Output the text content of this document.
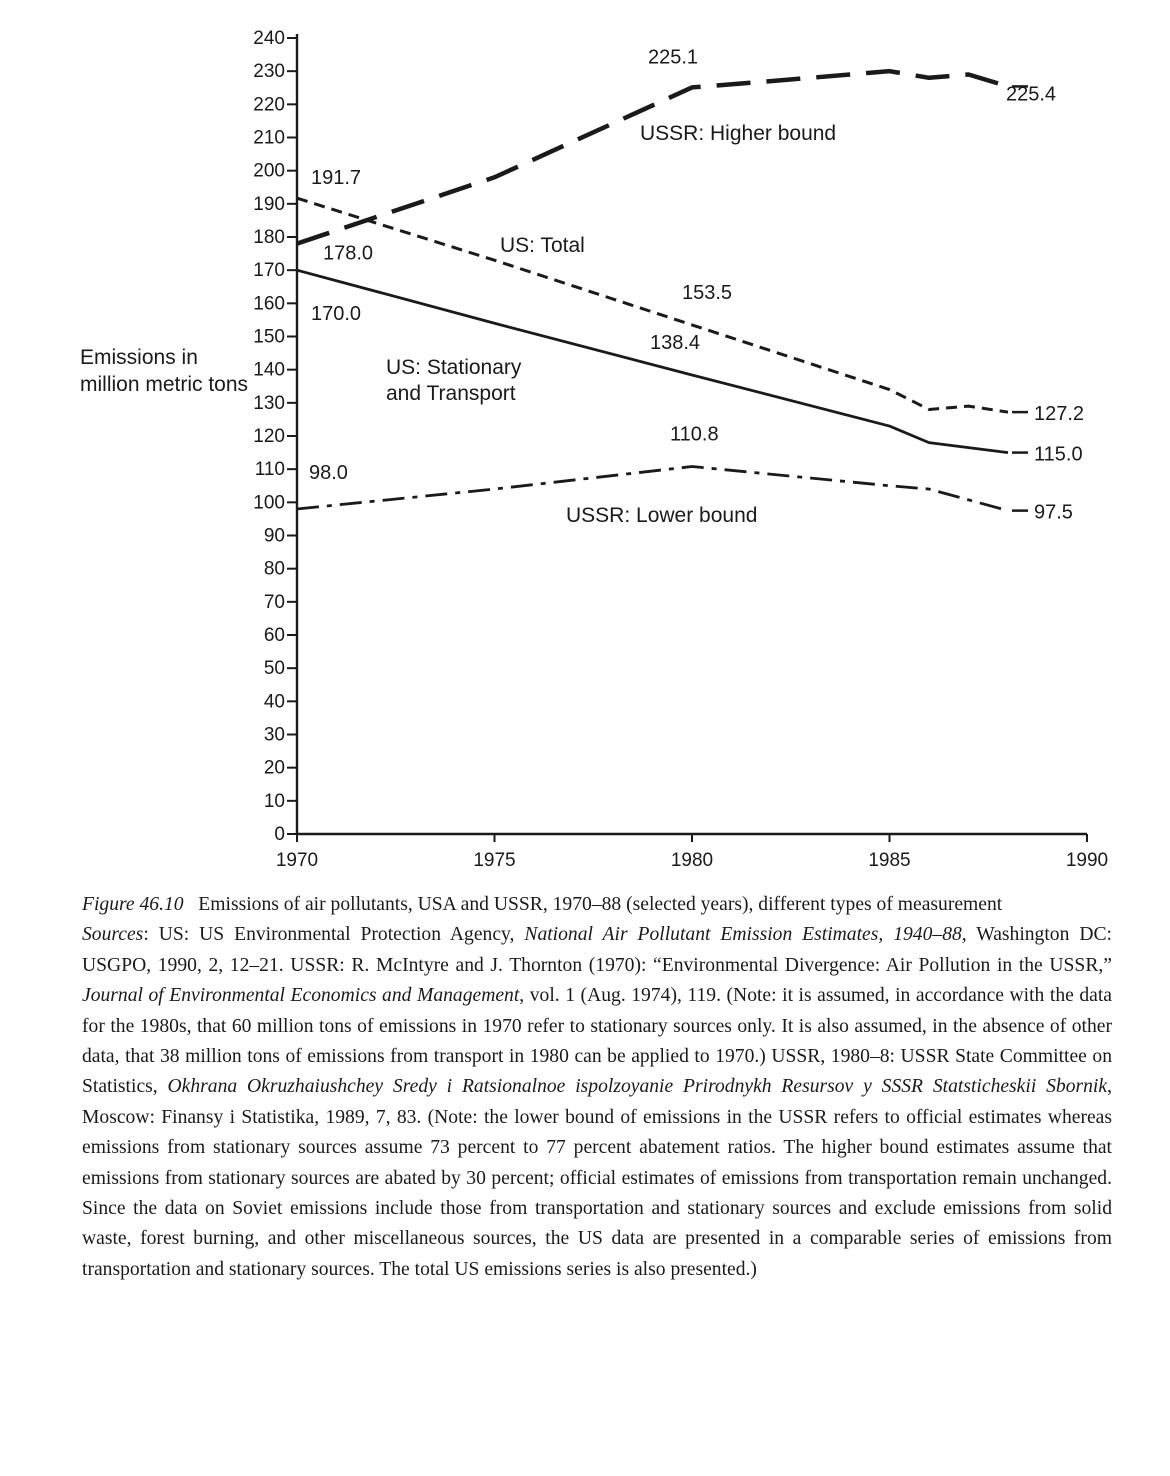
Emissions in million metric tons
0
10
20
30
40
50
60
70
80
90
100
110
120
130
140
150
160
170
180
190
200
210
220
230
240
1970	1975	1980	1985	1990
USSR: Higher bound
US: Total
US: Stationary and Transport
USSR: Lower bound
225.1
225.4
191.7
178.0
170.0
153.5
138.4
127.2
115.0
110.8
98.0
97.5

Figure 46.10 Emissions of air pollutants, USA and USSR, 1970–88 (selected years), different types of measurement

Sources: US: US Environmental Protection Agency, National Air Pollutant Emission Estimates, 1940–88, Washington DC: USGPO, 1990, 2, 12–21. USSR: R. McIntyre and J. Thornton (1970): “Environmental Divergence: Air Pollution in the USSR,” Journal of Environmental Economics and Management, vol. 1 (Aug. 1974), 119. (Note: it is assumed, in accordance with the data for the 1980s, that 60 million tons of emissions in 1970 refer to stationary sources only. It is also assumed, in the absence of other data, that 38 million tons of emissions from transport in 1980 can be applied to 1970.) USSR, 1980–8: USSR State Committee on Statistics, Okhrana Okruzhaiushchey Sredy i Ratsionalnoe ispolzoyanie Prirodnykh Resursov y SSSR Statsticheskii Sbornik, Moscow: Finansy i Statistika, 1989, 7, 83. (Note: the lower bound of emissions in the USSR refers to official estimates whereas emissions from stationary sources assume 73 percent to 77 percent abatement ratios. The higher bound estimates assume that emissions from stationary sources are abated by 30 percent; official estimates of emissions from transportation remain unchanged. Since the data on Soviet emissions include those from transportation and stationary sources and exclude emissions from solid waste, forest burning, and other miscellaneous sources, the US data are presented in a comparable series of emissions from transportation and stationary sources. The total US emissions series is also presented.)
